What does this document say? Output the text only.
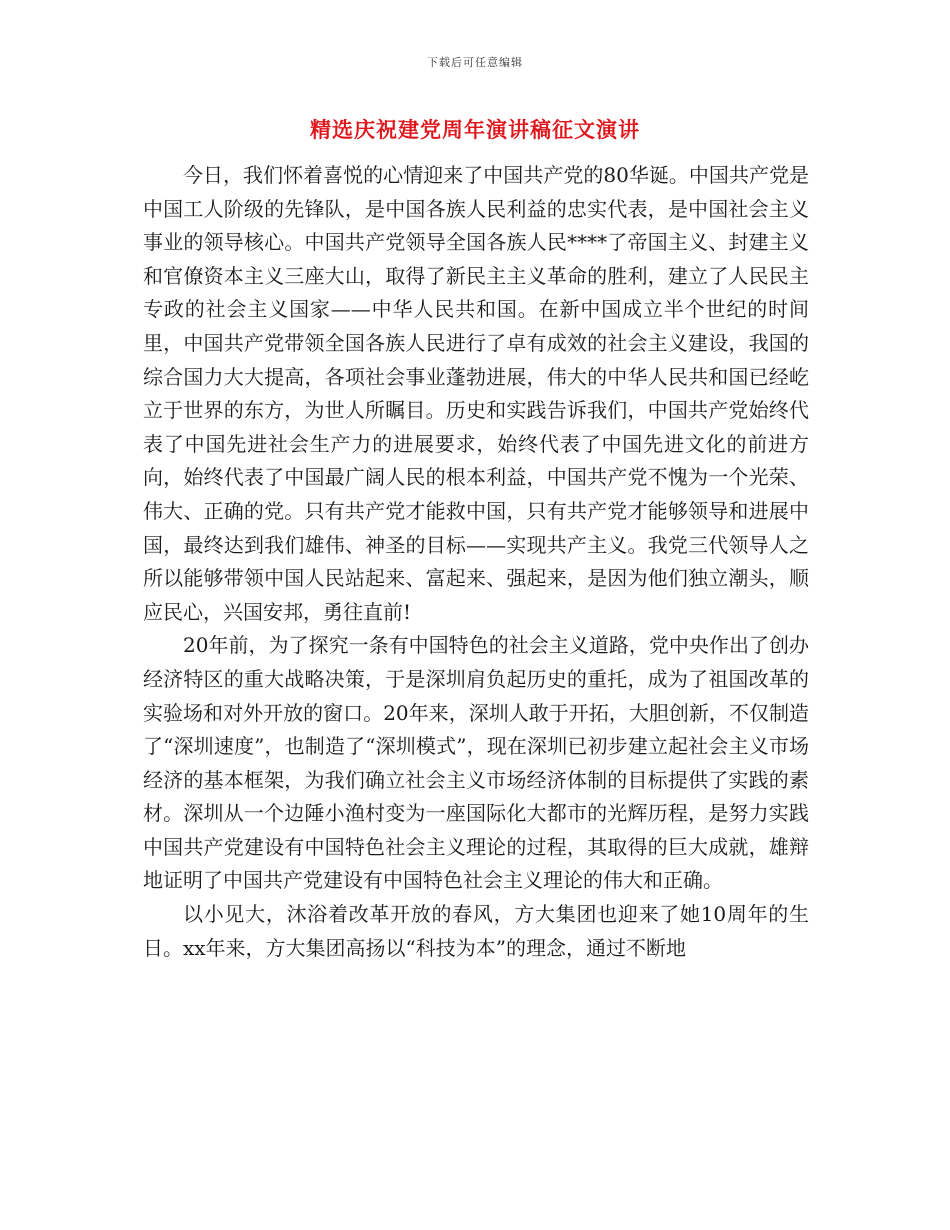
下载后可任意编辑
精选庆祝建党周年演讲稿征文演讲

今日，我们怀着喜悦的心情迎来了中国共产党的80华诞。中国共产党是中国工人阶级的先锋队，是中国各族人民利益的忠实代表，是中国社会主义事业的领导核心。中国共产党领导全国各族人民****了帝国主义、封建主义和官僚资本主义三座大山，取得了新民主主义革命的胜利，建立了人民民主专政的社会主义国家——中华人民共和国。在新中国成立半个世纪的时间里，中国共产党带领全国各族人民进行了卓有成效的社会主义建设，我国的综合国力大大提高，各项社会事业蓬勃进展，伟大的中华人民共和国已经屹立于世界的东方，为世人所瞩目。历史和实践告诉我们，中国共产党始终代表了中国先进社会生产力的进展要求，始终代表了中国先进文化的前进方向，始终代表了中国最广阔人民的根本利益，中国共产党不愧为一个光荣、伟大、正确的党。只有共产党才能救中国，只有共产党才能够领导和进展中国，最终达到我们雄伟、神圣的目标——实现共产主义。我党三代领导人之所以能够带领中国人民站起来、富起来、强起来，是因为他们独立潮头，顺应民心，兴国安邦，勇往直前!

20年前，为了探究一条有中国特色的社会主义道路，党中央作出了创办经济特区的重大战略决策，于是深圳肩负起历史的重托，成为了祖国改革的实验场和对外开放的窗口。20年来，深圳人敢于开拓，大胆创新，不仅制造了“深圳速度”，也制造了“深圳模式”，现在深圳已初步建立起社会主义市场经济的基本框架，为我们确立社会主义市场经济体制的目标提供了实践的素材。深圳从一个边陲小渔村变为一座国际化大都市的光辉历程，是努力实践中国共产党建设有中国特色社会主义理论的过程，其取得的巨大成就，雄辩地证明了中国共产党建设有中国特色社会主义理论的伟大和正确。

以小见大，沐浴着改革开放的春风，方大集团也迎来了她10周年的生日。xx年来，方大集团高扬以“科技为本”的理念，通过不断地
